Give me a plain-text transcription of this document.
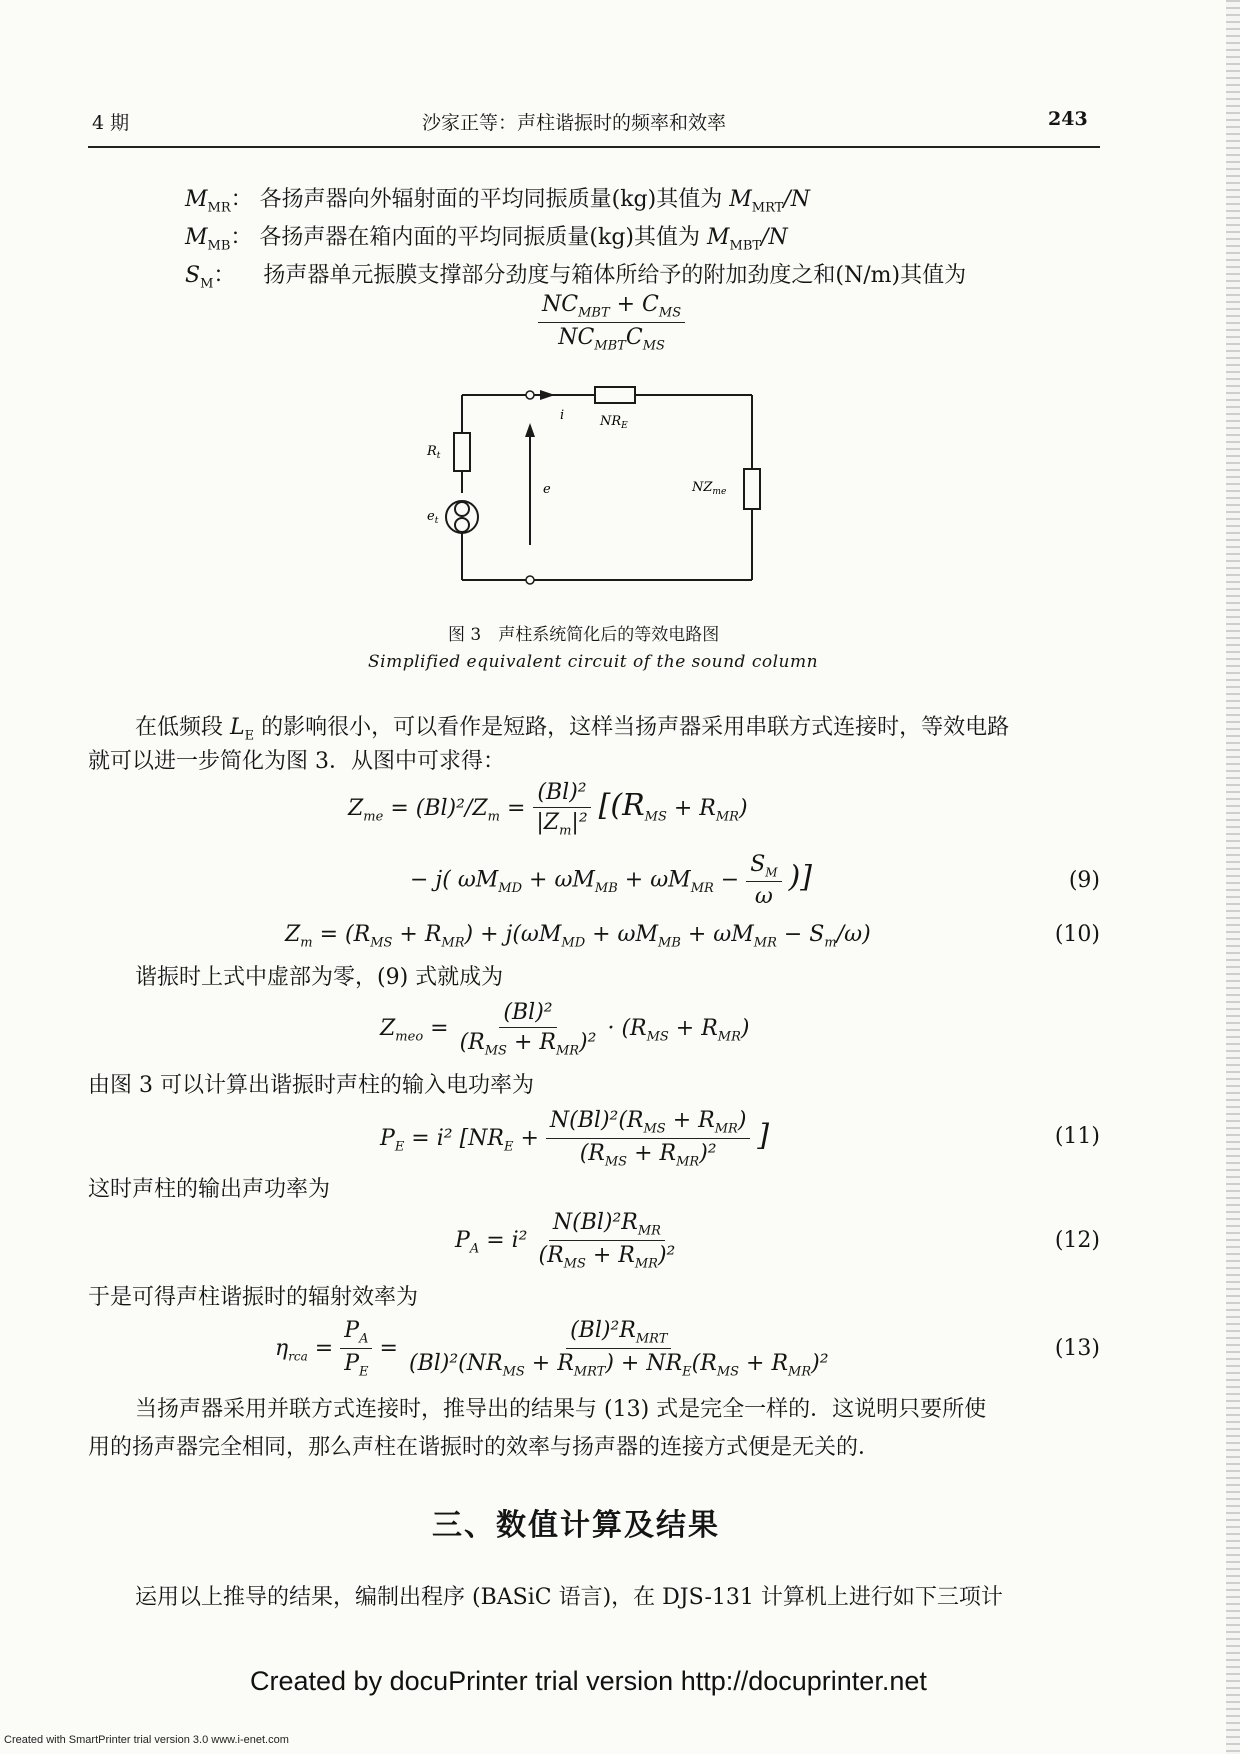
4 期	沙家正等：声柱谐振时的频率和效率	243
$M_{MR}$： 各扬声器向外辐射面的平均同振质量(kg)其值为 $M_{MRT}/N$
$M_{MB}$： 各扬声器在箱内面的平均同振质量(kg)其值为 $M_{MBT}/N$
$S_M$：    扬声器单元振膜支撑部分劲度与箱体所给予的附加劲度之和(N/m)其值为
$\frac{NC_{MBT} + C_{MS}}{NC_{MBT}C_{MS}}$
i	$NR_E$
$R_t$
$e_t$
e	$NZ_{me}$
图 3　声柱系统简化后的等效电路图
Simplified equivalent circuit of the sound column
在低频段 $L_E$ 的影响很小，可以看作是短路，这样当扬声器采用串联方式连接时，等效电路
就可以进一步简化为图 3．从图中可求得：
$Z_{me} = (Bl)^2/Z_m = \frac{\text{(Bl)²}}{|Z_m|^2} [(R_{MS} + R_{MR})$
− j( $\omega M_{MD} + \omega M_{MB} + \omega M_{MR} - \frac{S_M}{\omega}$ )]	(9)
$Z_m = (R_{MS} + R_{MR}) + j(\omega M_{MD} + \omega M_{MB} + \omega M_{MR} - S_m/\omega)$	(10)
谐振时上式中虚部为零，(9) 式就成为
$Z_{meo} = \frac{\text{(Bl)²}}{(R_{MS} + R_{MR})^2} \cdot (R_{MS} + R_{MR})$
由图 3 可以计算出谐振时声柱的输入电功率为
$P_E = i^2$ [$NR_E + \frac{N(Bl)^2(R_{MS} + R_{MR})}{(R_{MS} + R_{MR})^2}$ ]	(11)
这时声柱的输出声功率为
$P_A = i^2 \frac{N(Bl)^2R_{MR}}{(R_{MS} + R_{MR})^2}$	(12)
于是可得声柱谐振时的辐射效率为
$\eta_{rca} = \frac{P_A}{P_E} = \frac{(Bl)^2R_{MRT}}{(Bl)^2(NR_{MS} + R_{MRT}) + NR_E(R_{MS} + R_{MR})^2}$	(13)
当扬声器采用并联方式连接时，推导出的结果与 (13) 式是完全一样的．这说明只要所使
用的扬声器完全相同，那么声柱在谐振时的效率与扬声器的连接方式便是无关的．
三、数值计算及结果
运用以上推导的结果，编制出程序 (BASiC 语言)，在 DJS-131 计算机上进行如下三项计
Created by docuPrinter trial version http://docuprinter.net
Created with SmartPrinter trial version 3.0 www.i-enet.com
